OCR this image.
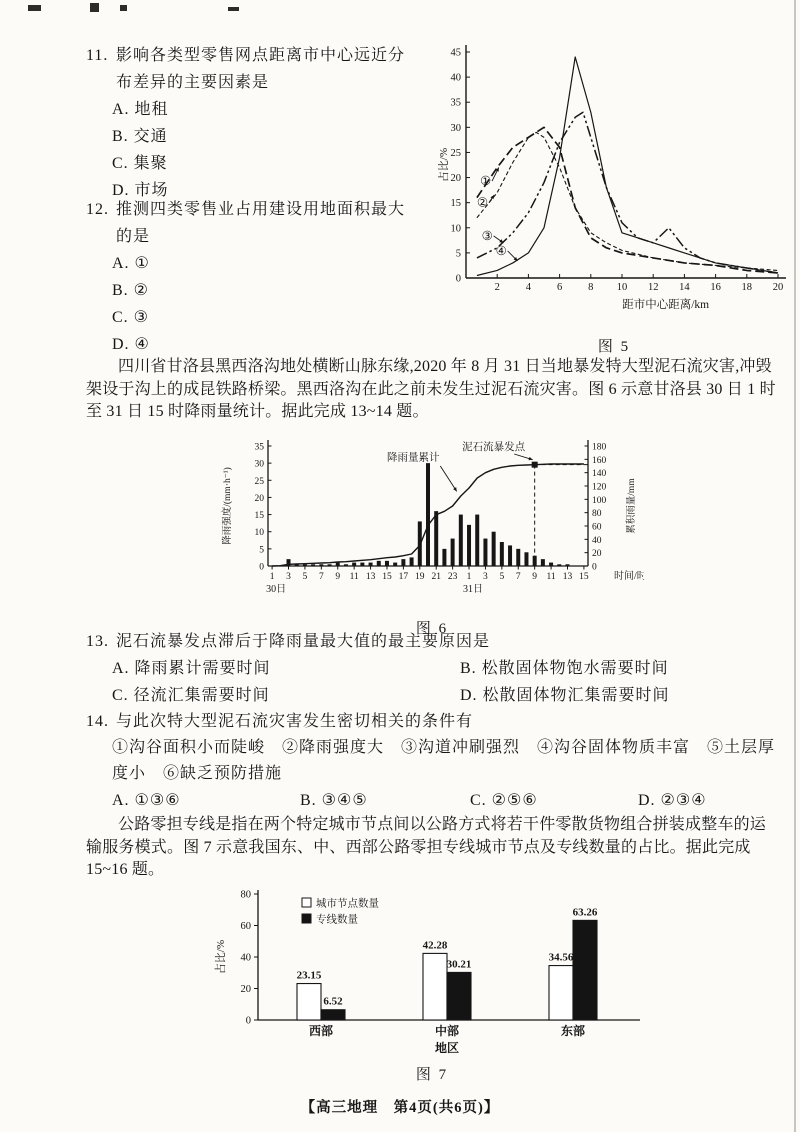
11. 影响各类型零售网点距离市中心远近分布差异的主要因素是
A. 地租
B. 交通
C. 集聚
D. 市场
12. 推测四类零售业占用建设用地面积最大的是
A. ①
B. ②
C. ③
D. ④
0
5
10
15
20
25
30
35
40
45
2 4 6 8 10 12 14 16 18 20
①
②
③
④
占比/%
距市中心距离/km
图 5

四川省甘洛县黑西洛沟地处横断山脉东缘,2020 年 8 月 31 日当地暴发特大型泥石流灾害,冲毁架设于沟上的成昆铁路桥梁。黑西洛沟在此之前未发生过泥石流灾害。图 6 示意甘洛县 30 日 1 时至 31 日 15 时降雨量统计。据此完成 13~14 题。

0
5
10
15
20
25
30
35
0
20
40
60
80
100
120
140
160
180
1 3 5 7 9 11 13 15 17 19 21 23 1 3 5 7 9 11 13 15
30日	31日
泥石流暴发点
降雨量累计
降雨强度/(mm·h⁻¹)	累积雨量/mm
时间/时
图 6
13. 泥石流暴发点滞后于降雨量最大值的最主要原因是
A. 降雨累计需要时间	B. 松散固体物饱水需要时间
C. 径流汇集需要时间	D. 松散固体物汇集需要时间
14. 与此次特大型泥石流灾害发生密切相关的条件有
①沟谷面积小而陡峻　②降雨强度大　③沟道冲刷强烈　④沟谷固体物质丰富　⑤土层厚度小　⑥缺乏预防措施
A. ①③⑥	B. ③④⑤	C. ②⑤⑥	D. ②③④

公路零担专线是指在两个特定城市节点间以公路方式将若干件零散货物组合拼装成整车的运输服务模式。图 7 示意我国东、中、西部公路零担专线城市节点及专线数量的占比。据此完成 15~16 题。

0
20
40
60
80
23.15
6.52
西部
42.28
30.21
中部
34.56
63.26
东部
城市节点数量
专线数量
占比/%
地区
图 7
【高三地理　第4页(共6页)】
